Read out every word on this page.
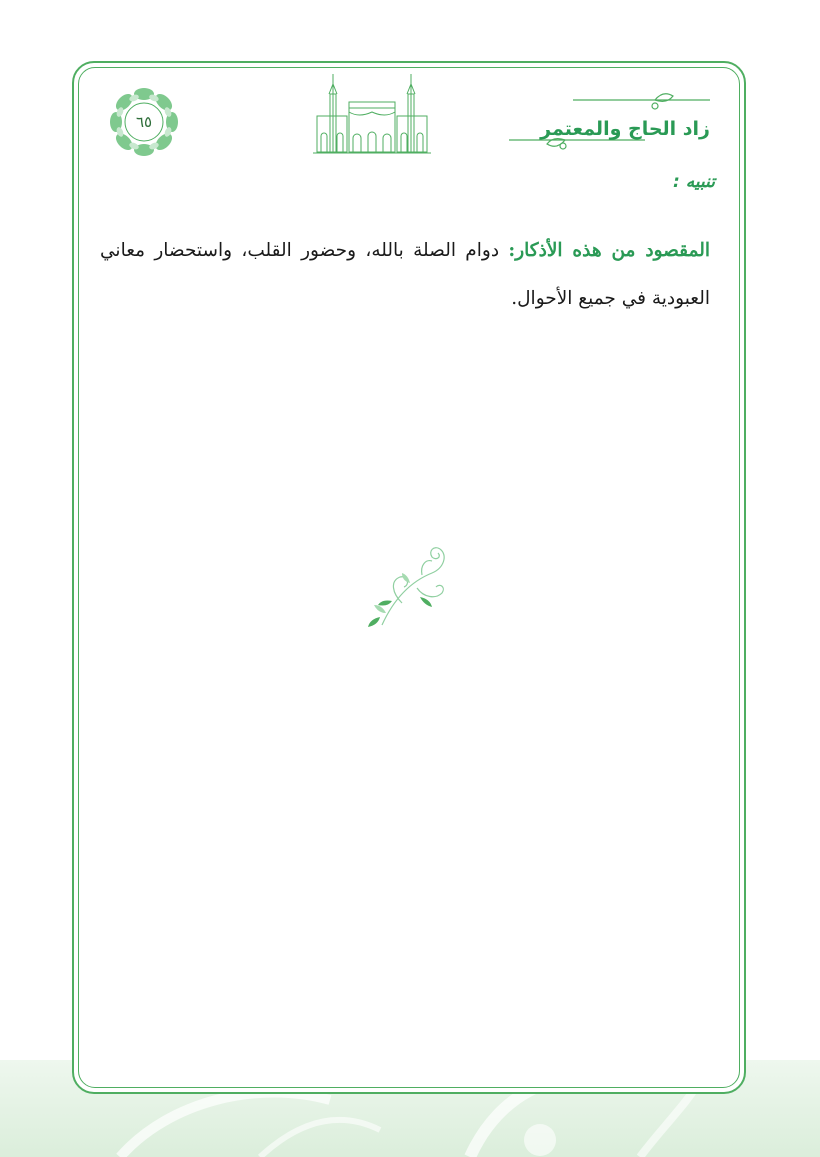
٦٥	زاد الحاج والمعتمر
تنبيه :

المقصود من هذه الأذكار: دوام الصلة بالله، وحضور القلب، واستحضار معاني العبودية في جميع الأحوال.
